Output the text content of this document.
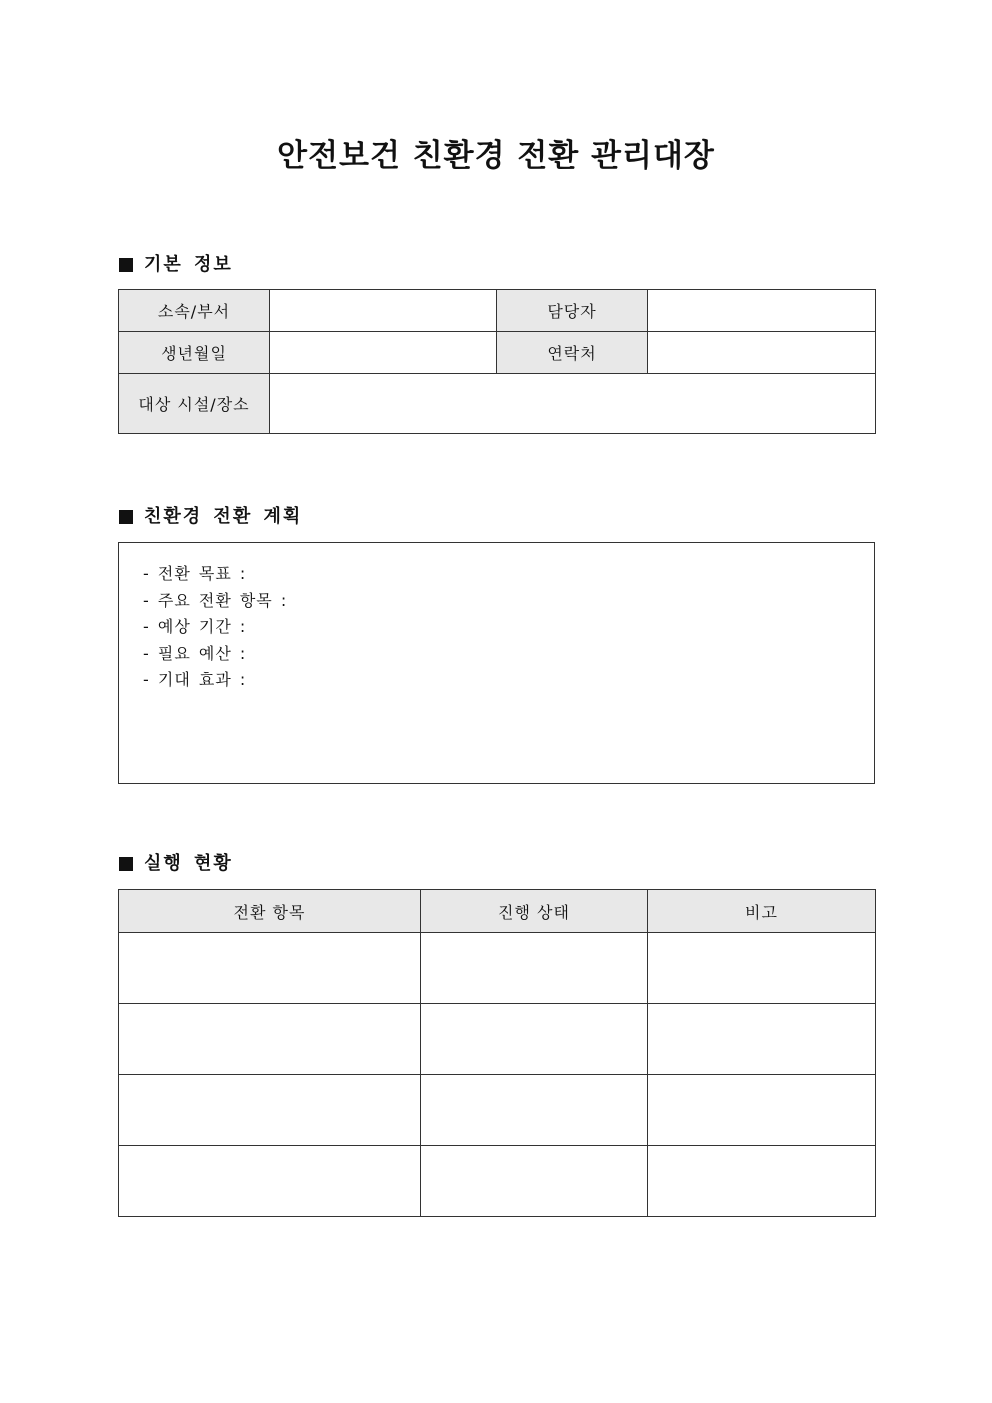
안전보건 친환경 전환 관리대장
기본 정보
소속/부서		담당자	
생년월일		연락처	
대상 시설/장소			
친환경 전환 계획
- 전환 목표 :
- 주요 전환 항목 :
- 예상 기간 :
- 필요 예산 :
- 기대 효과 :
실행 현황
전환 항목	진행 상태	비고
